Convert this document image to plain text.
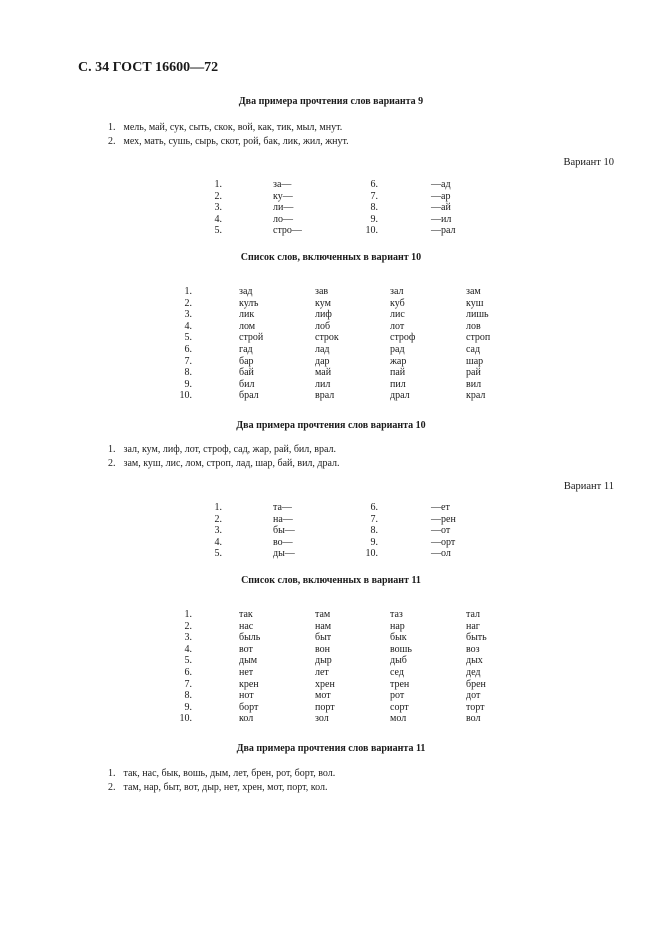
С. 34 ГОСТ 16600—72
Два примера прочтения слов варианта 9
1. мель, май, сук, сыть, скок, вой, как, тик, мыл, мнут.
2. мех, мать, сушь, сырь, скот, рой, бак, лик, жил, жнут.
Вариант 10
1.	за—	6.	—ад
2.	ку—	7.	—ар
3.	ли—	8.	—ай
4.	ло—	9.	—ил
5.	стро—	10.	—рал
Список слов, включенных в вариант 10
1.	зад	зав	зал	зам
2.	кулъ	кум	куб	куш
3.	лик	лиф	лис	лишь
4.	лом	лоб	лот	лов
5.	строй	строк	строф	строп
6.	гад	лад	рад	сад
7.	бар	дар	жар	шар
8.	бай	май	пай	рай
9.	бил	лил	пил	вил
10.	брал	врал	драл	крал
Два примера прочтения слов варианта 10
1. зал, кум, лиф, лот, строф, сад, жар, рай, бил, врал.
2. зам, куш, лис, лом, строп, лад, шар, бай, вил, драл.
Вариант 11
1.	та—	6.	—ет
2.	на—	7.	—рен
3.	бы—	8.	—от
4.	во—	9.	—орт
5.	ды—	10.	—ол
Список слов, включенных в вариант 11
1.	так	там	таз	тал
2.	нас	нам	нар	наг
3.	быль	быт	бык	быть
4.	вот	вон	вошь	воз
5.	дым	дыр	дыб	дых
6.	нет	лет	сед	дед
7.	крен	хрен	трен	брен
8.	нот	мот	рот	дот
9.	борт	порт	сорт	торт
10.	кол	зол	мол	вол
Два примера прочтения слов варианта 11
1. так, нас, бык, вошь, дым, лет, брен, рот, борт, вол.
2. там, нар, быт, вот, дыр, нет, хрен, мот, порт, кол.
